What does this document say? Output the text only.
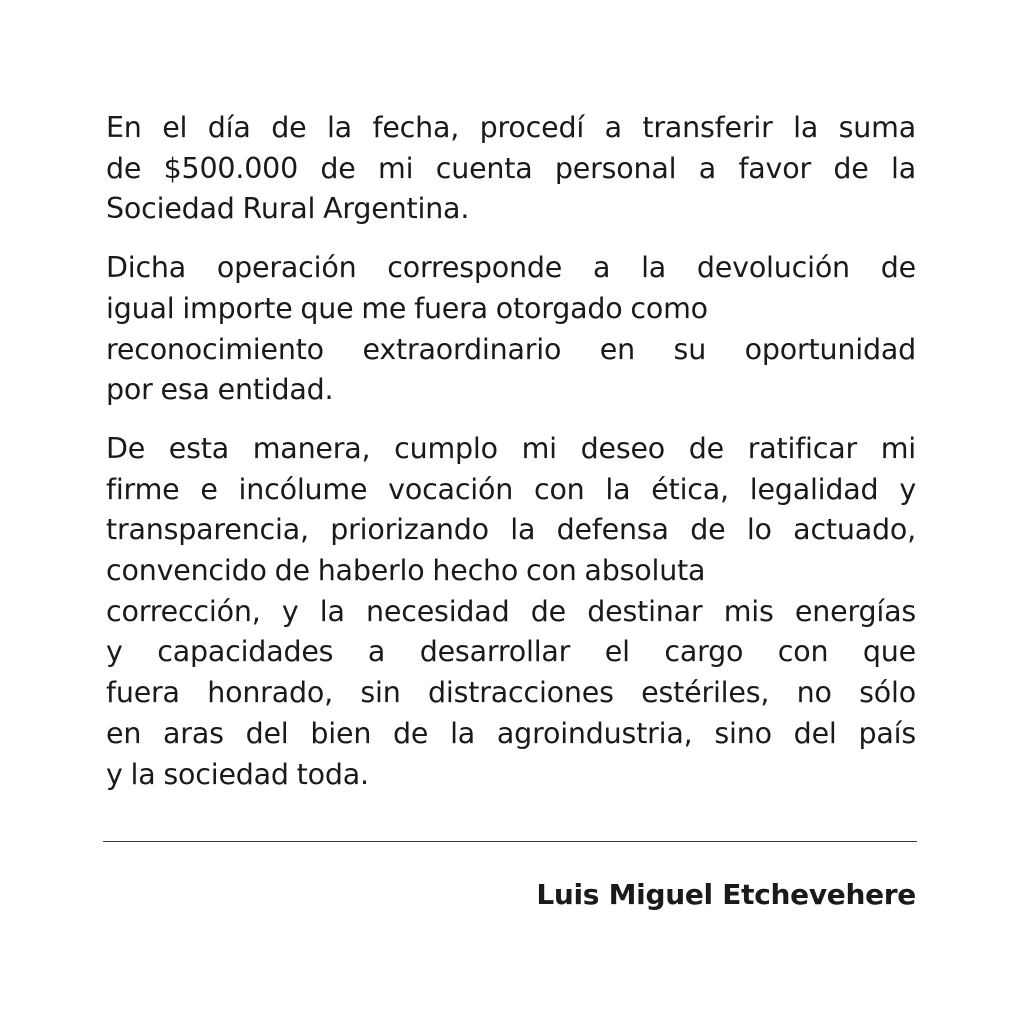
En el día de la fecha, procedí a transferir la suma
de $500.000 de mi cuenta personal a favor de la
Sociedad Rural Argentina.

Dicha operación corresponde a la devolución de
igual importe que me fuera otorgado como
reconocimiento extraordinario en su oportunidad
por esa entidad.

De esta manera, cumplo mi deseo de ratificar mi
firme e incólume vocación con la ética, legalidad y
transparencia, priorizando la defensa de lo actuado,
convencido de haberlo hecho con absoluta
corrección, y la necesidad de destinar mis energías
y capacidades a desarrollar el cargo con que
fuera honrado, sin distracciones estériles, no sólo
en aras del bien de la agroindustria, sino del país
y la sociedad toda.

Luis Miguel Etchevehere
